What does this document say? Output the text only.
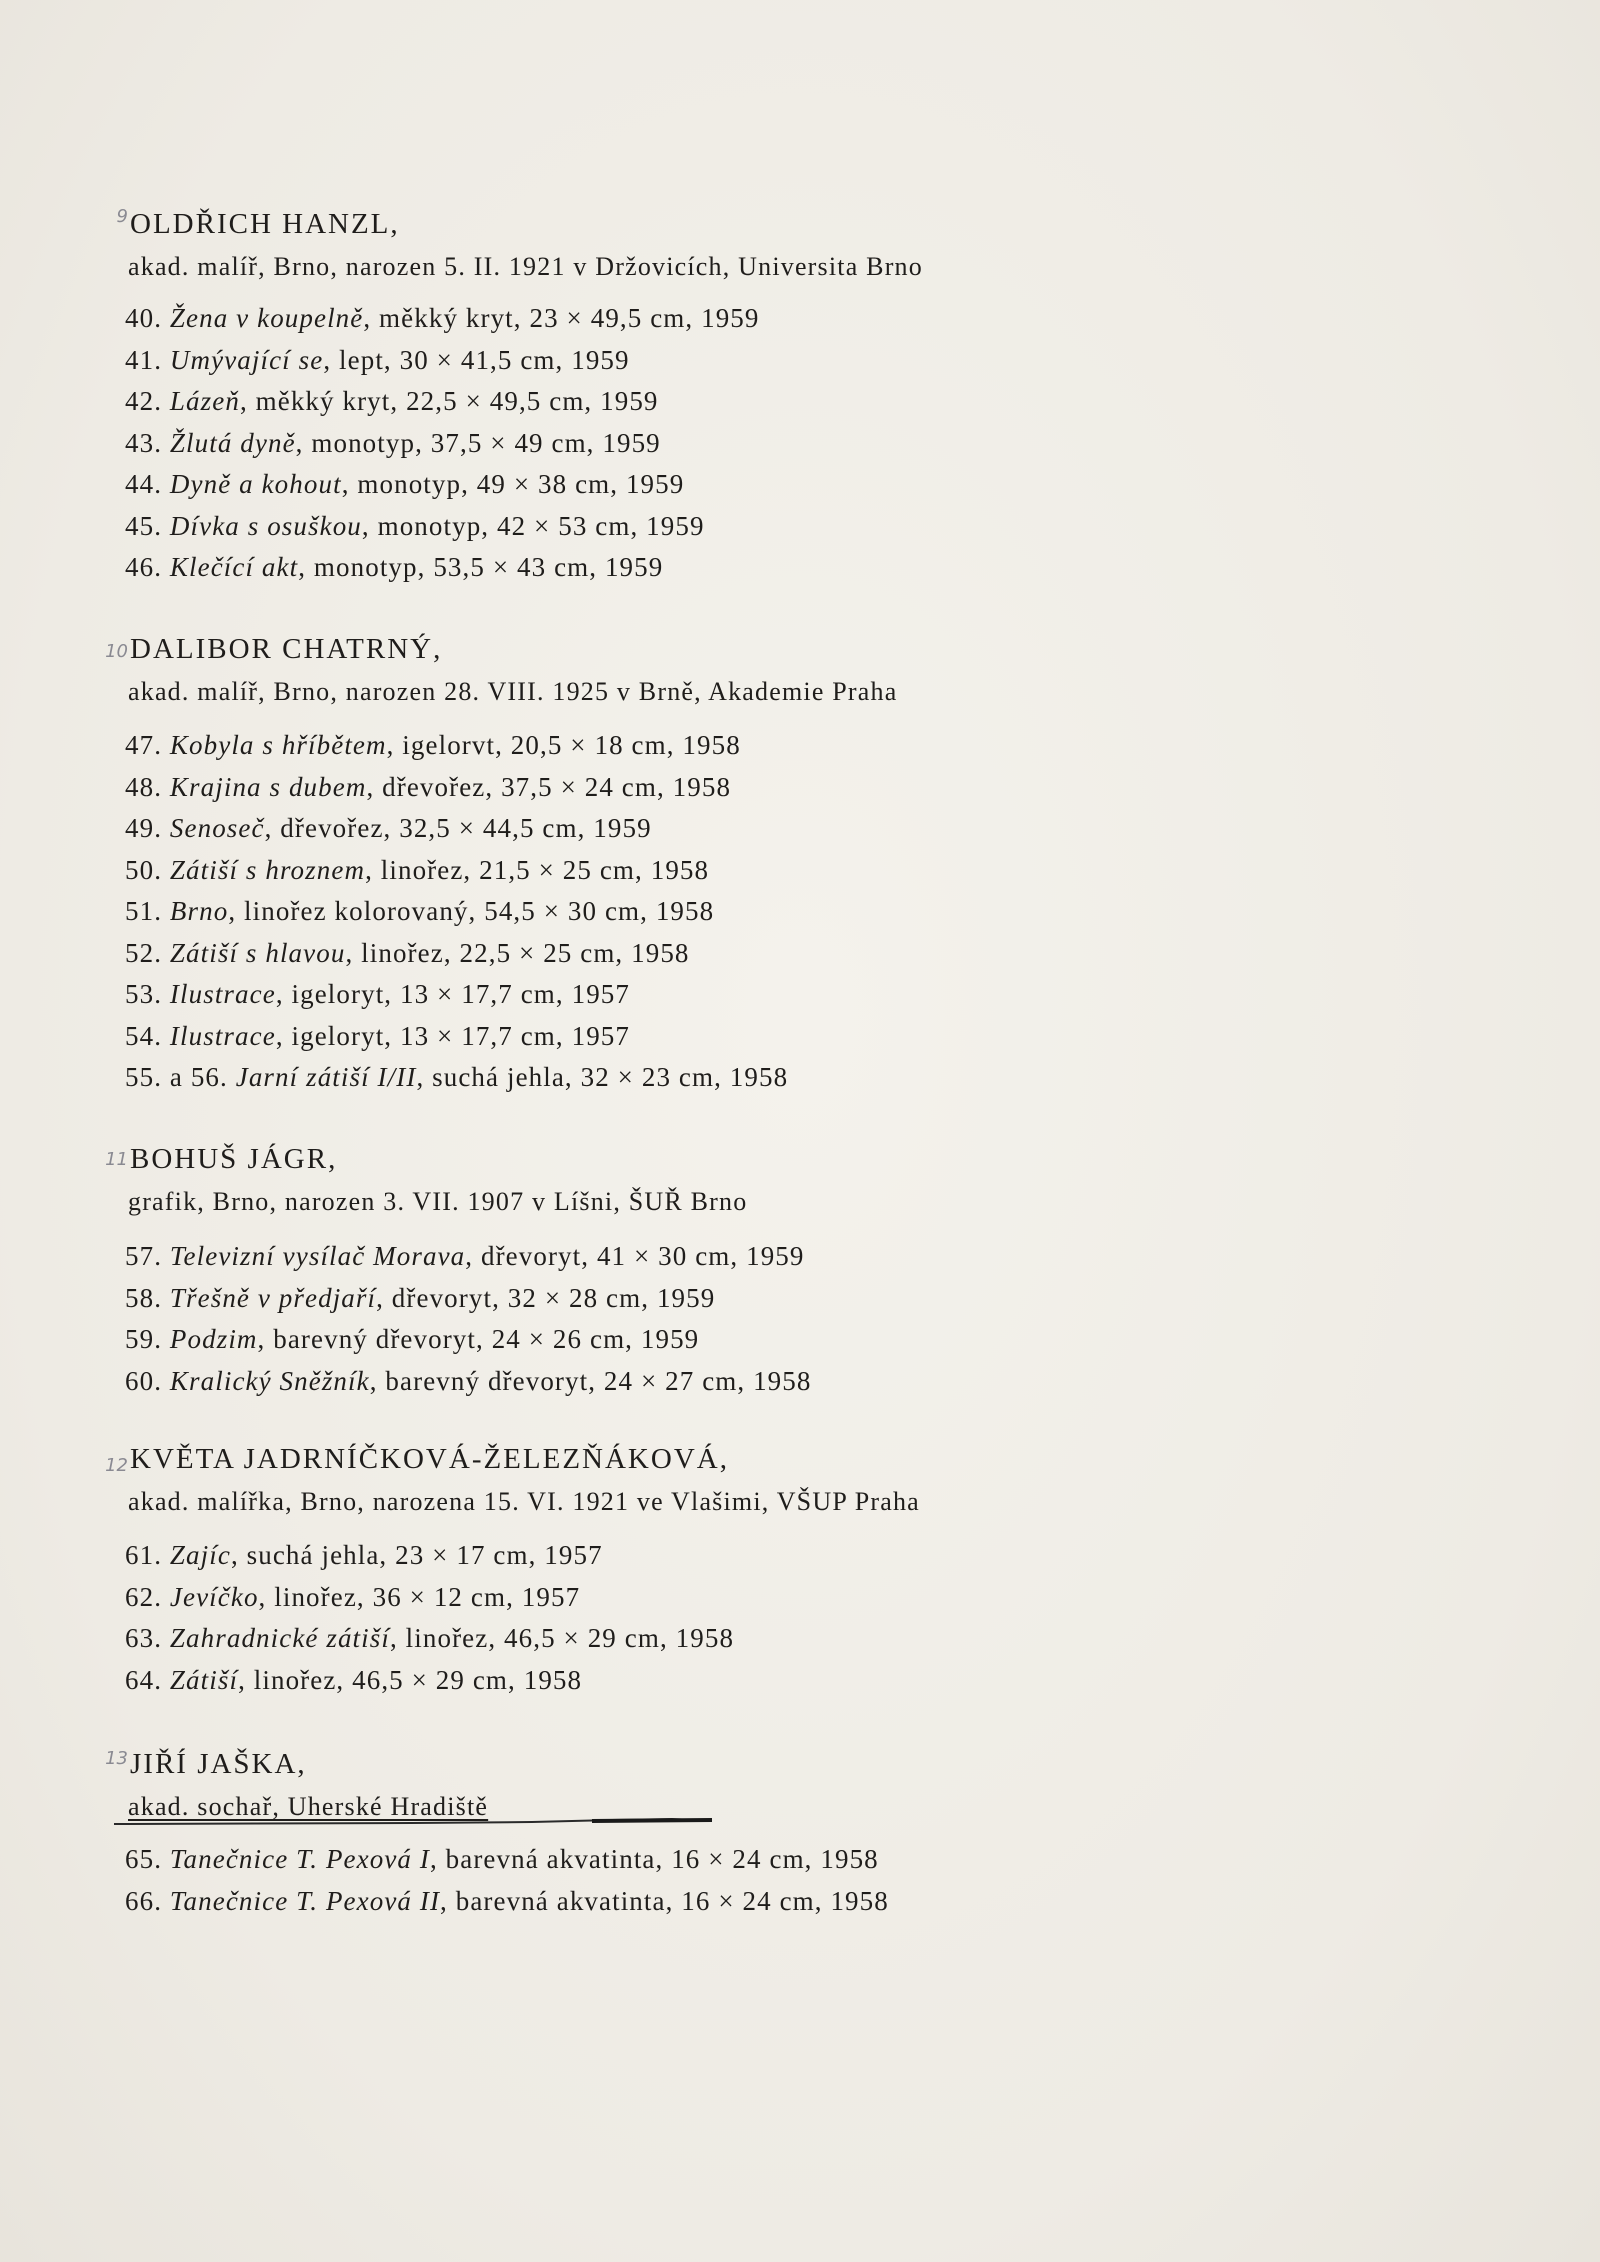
9 OLDŘICH HANZL,
akad. malíř, Brno, narozen 5. II. 1921 v Držovicích, Universita Brno
40. Žena v koupelně, měkký kryt, 23 × 49,5 cm, 1959
41. Umývající se, lept, 30 × 41,5 cm, 1959
42. Lázeň, měkký kryt, 22,5 × 49,5 cm, 1959
43. Žlutá dyně, monotyp, 37,5 × 49 cm, 1959
44. Dyně a kohout, monotyp, 49 × 38 cm, 1959
45. Dívka s osuškou, monotyp, 42 × 53 cm, 1959
46. Klečící akt, monotyp, 53,5 × 43 cm, 1959
10 DALIBOR CHATRNÝ,
akad. malíř, Brno, narozen 28. VIII. 1925 v Brně, Akademie Praha
47. Kobyla s hříbětem, igelorvt, 20,5 × 18 cm, 1958
48. Krajina s dubem, dřevořez, 37,5 × 24 cm, 1958
49. Senoseč, dřevořez, 32,5 × 44,5 cm, 1959
50. Zátiší s hroznem, linořez, 21,5 × 25 cm, 1958
51. Brno, linořez kolorovaný, 54,5 × 30 cm, 1958
52. Zátiší s hlavou, linořez, 22,5 × 25 cm, 1958
53. Ilustrace, igeloryt, 13 × 17,7 cm, 1957
54. Ilustrace, igeloryt, 13 × 17,7 cm, 1957
55. a 56. Jarní zátiší I/II, suchá jehla, 32 × 23 cm, 1958
11 BOHUŠ JÁGR,
grafik, Brno, narozen 3. VII. 1907 v Líšni, ŠUŘ Brno
57. Televizní vysílač Morava, dřevoryt, 41 × 30 cm, 1959
58. Třešně v předjaří, dřevoryt, 32 × 28 cm, 1959
59. Podzim, barevný dřevoryt, 24 × 26 cm, 1959
60. Kralický Sněžník, barevný dřevoryt, 24 × 27 cm, 1958
12 KVĚTA JADRNÍČKOVÁ-ŽELEZŇÁKOVÁ,
akad. malířka, Brno, narozena 15. VI. 1921 ve Vlašimi, VŠUP Praha
61. Zajíc, suchá jehla, 23 × 17 cm, 1957
62. Jevíčko, linořez, 36 × 12 cm, 1957
63. Zahradnické zátiší, linořez, 46,5 × 29 cm, 1958
64. Zátiší, linořez, 46,5 × 29 cm, 1958
13 JIŘÍ JAŠKA,
akad. sochař, Uherské Hradiště
65. Tanečnice T. Pexová I, barevná akvatinta, 16 × 24 cm, 1958
66. Tanečnice T. Pexová II, barevná akvatinta, 16 × 24 cm, 1958
